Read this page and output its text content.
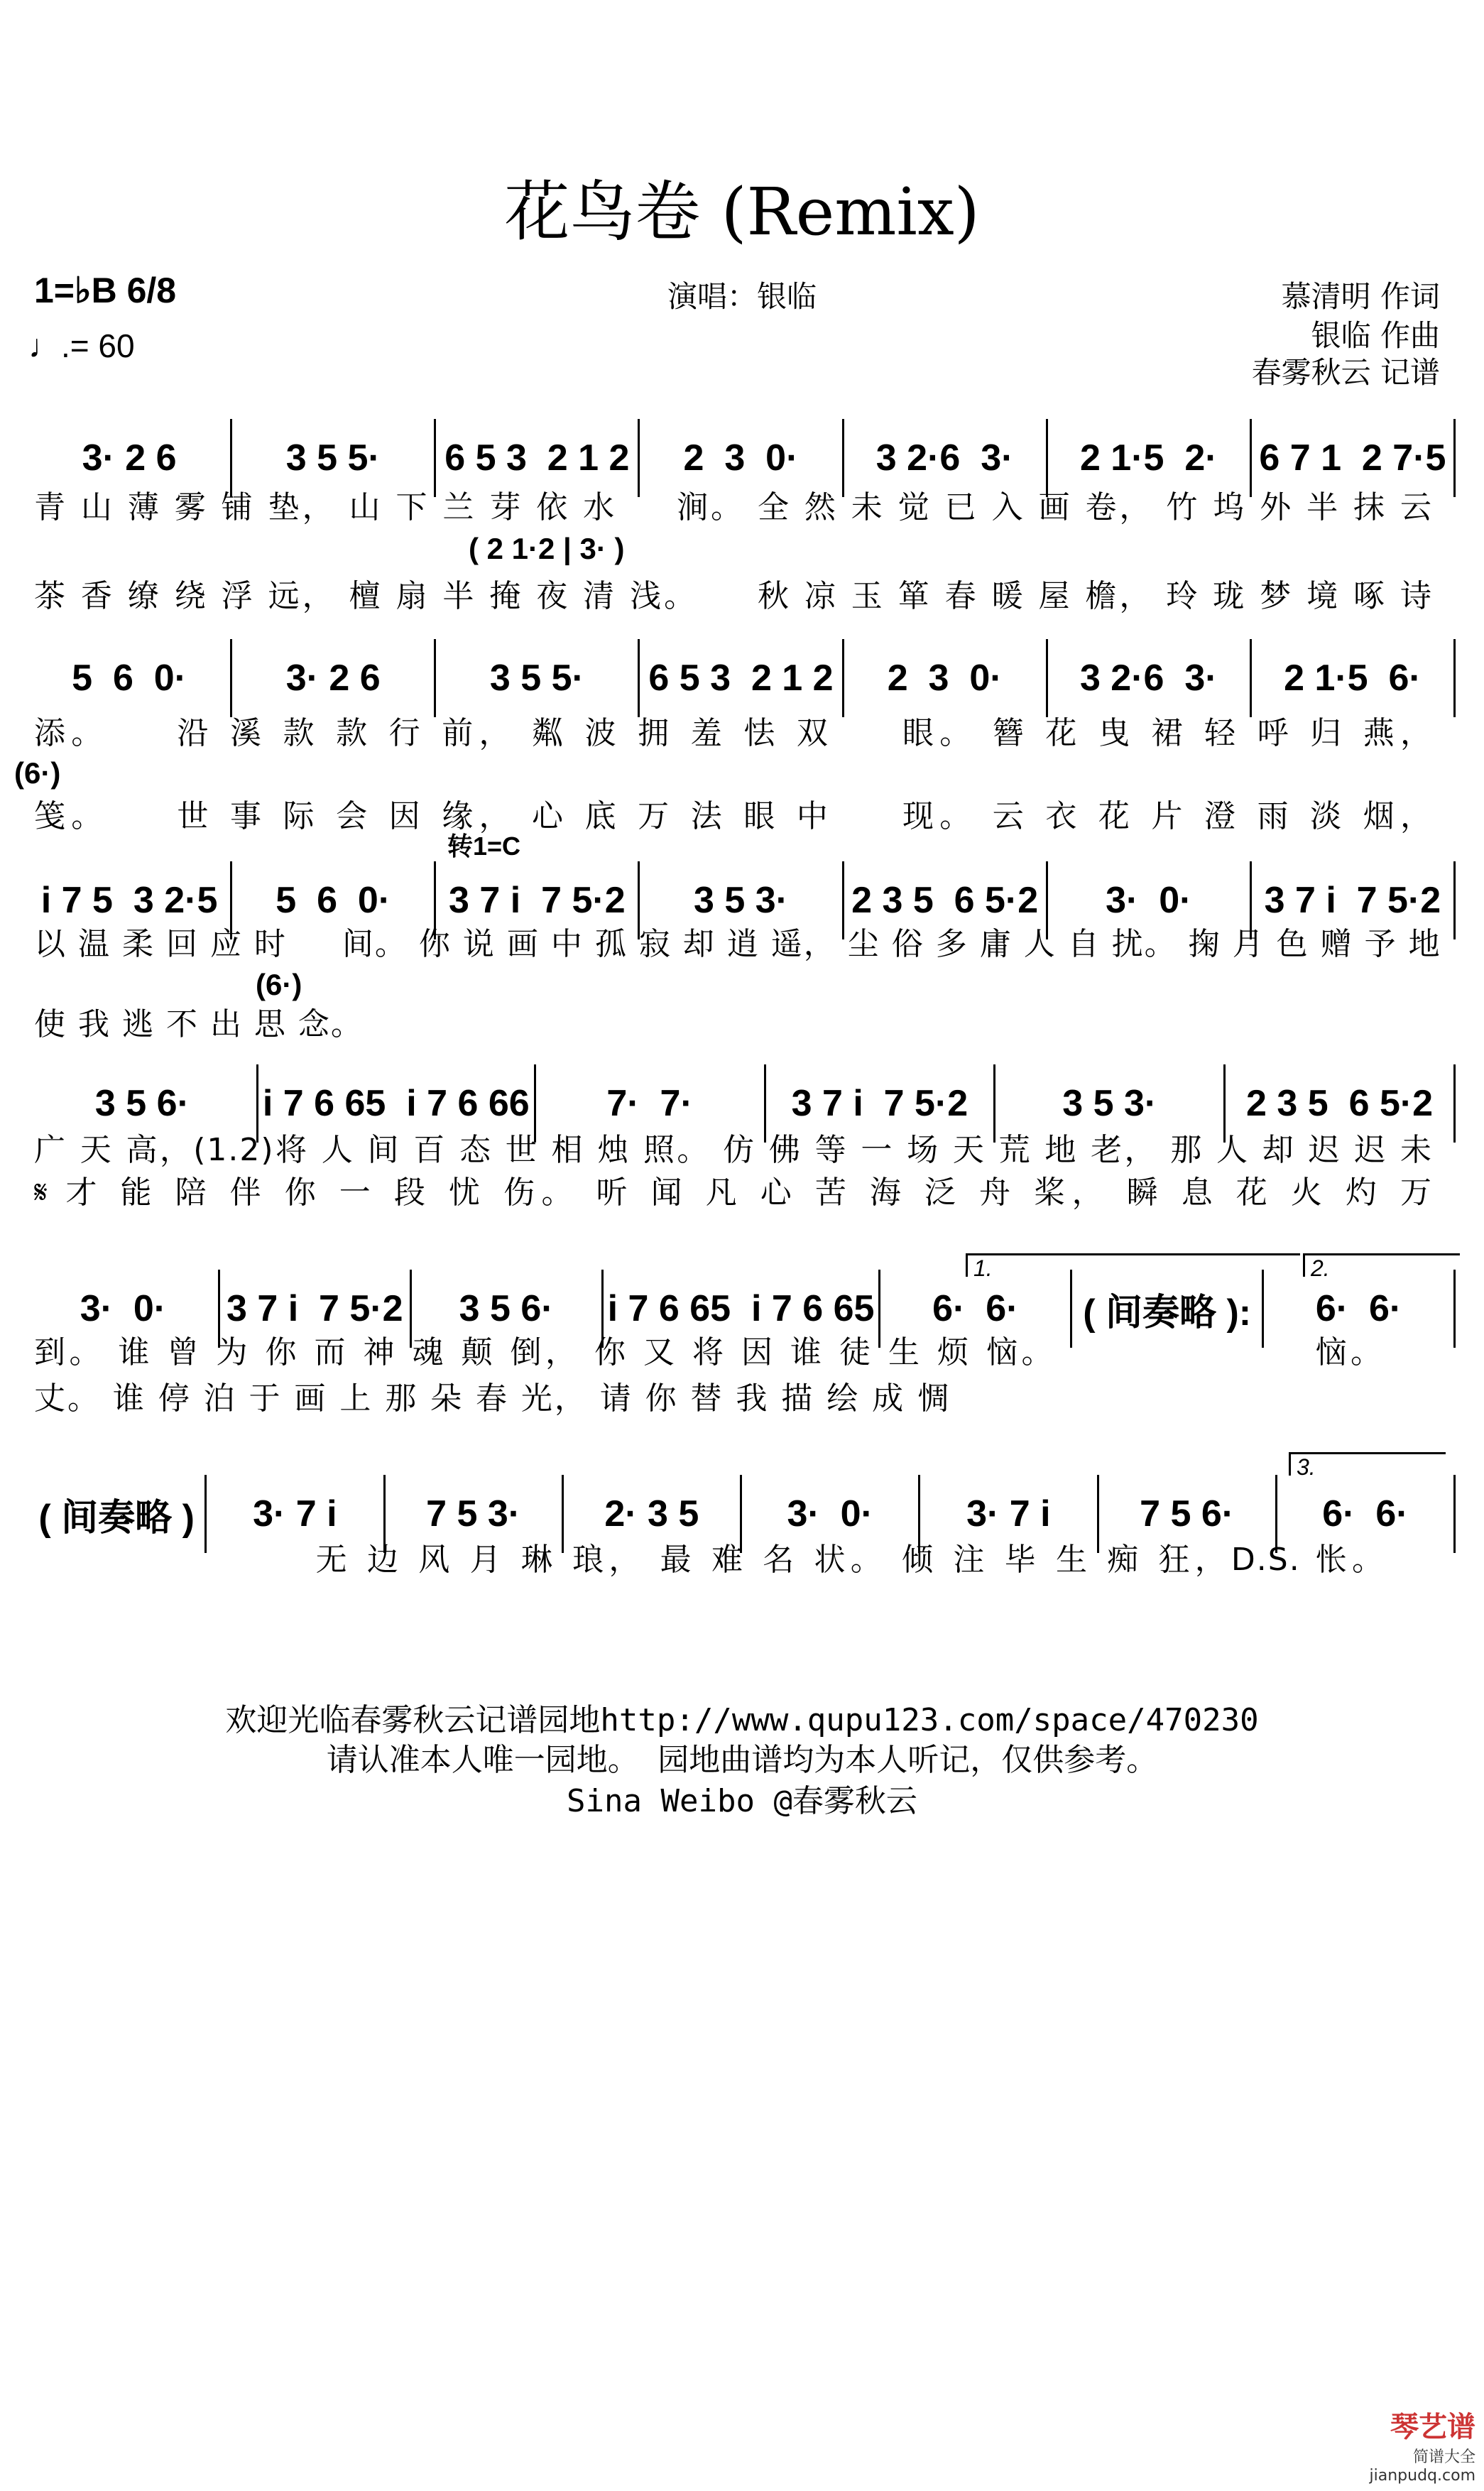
花鸟卷 (Remix)
演唱：银临	慕清明 作词
银临 作曲
春雾秋云 记谱
1=♭B 6/8
♩.= 60
3· 2 6	3 5 5·	6 5 3  2 1 2	2  3  0·	3 2·6  3·	2 1·5  2·	6 7 1  2 7·5
青 山 薄 雾 铺 垫， 山 下 兰 芽 依 水 　 涧。 全 然 未 觉 已 入 画 卷， 竹 坞 外 半 抹 云
茶 香 缭 绕 浮 远， 檀 扇 半 掩 夜 清 浅。 　 秋 凉 玉 箪 春 暖 屋 檐， 玲 珑 梦 境 啄 诗
( 2 1·2 | 3· )
5  6  0·	3· 2 6	3 5 5·	6 5 3  2 1 2	2  3  0·	3 2·6  3·	2 1·5  6·
添。 　 沿 溪 款 款 行 前， 粼 波 拥 羞 怯 双 　 眼。 簪 花 曳 裙 轻 呼 归 燕，
笺。 　 世 事 际 会 因 缘， 心 底 万 法 眼 中 　 现。 云 衣 花 片 澄 雨 淡 烟，
(6·)
i 7 5  3 2·5	5  6  0·	3 7 i  7 5·2	3 5 3·	2 3 5  6 5·2	3·  0·	3 7 i  7 5·2
以 温 柔 回 应 时 　 间。 你 说 画 中 孤 寂 却 逍 遥， 尘 俗 多 庸 人 自 扰。 掬 月 色 赠 予 地
使 我 逃 不 出 思 念。
(6·)
3 5 6·	i 7 6 65  i 7 6 66	7·  7·	3 7 i  7 5·2	3 5 3·	2 3 5  6 5·2
广 天 高，(1.2)将 人 间 百 态 世 相 烛 照。 仿 佛 等 一 场 天 荒 地 老， 那 人 却 迟 迟 未
𝄋 才 能 陪 伴 你 一 段 忧 伤。 听 闻 凡 心 苦 海 泛 舟 桨， 瞬 息 花 火 灼 万
3·  0·	3 7 i  7 5·2	3 5 6·	i 7 6 65  i 7 6 65	6·  6·	( 间奏略 ):	6·  6·
到。 谁 曾 为 你 而 神 魂 颠 倒， 你 又 将 因 谁 徒 生 烦 恼。 　 　 　 　 　 恼。
丈。 谁 停 泊 于 画 上 那 朵 春 光， 请 你 替 我 描 绘 成 惆
1.	2.
( 间奏略 )	3· 7 i	7 5 3·	2· 3 5	3·  0·	3· 7 i	7 5 6·	6·  6·
　 　 无 边 风 月 琳 琅， 最 难 名 状。 倾 注 毕 生 痴 狂，D.S. 怅。
3.
转1=C
欢迎光临春雾秋云记谱园地http://www.qupu123.com/space/470230
请认准本人唯一园地。 园地曲谱均为本人听记，仅供参考。
Sina Weibo @春雾秋云
琴艺谱
简谱大全 jianpudq.com
